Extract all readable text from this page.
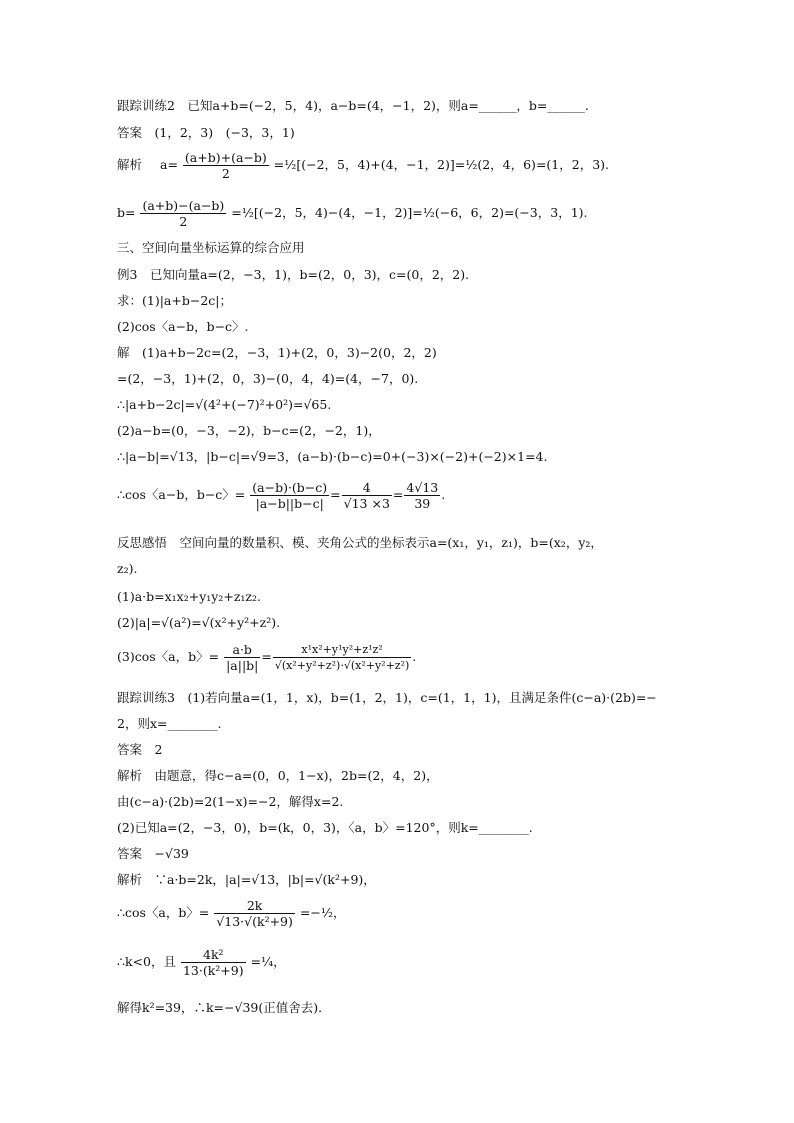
跟踪训练2　已知a+b=(−2，5，4)，a−b=(4，−1，2)，则a=______，b=______.
答案　(1，2，3)　(−3，3，1)
解析 $a= \frac{(a+b)+(a-b)}{2}$ =½[(−2，5，4)+(4，−1，2)]=½(2，4，6)=(1，2，3).
$b= \frac{(a+b)-(a-b)}{2}$ =½[(−2，5，4)−(4，−1，2)]=½(−6，6，2)=(−3，3，1).
三、空间向量坐标运算的综合应用
例3　已知向量a=(2，−3，1)，b=(2，0，3)，c=(0，2，2).
求：(1)|a+b−2c|；
(2)cos〈a−b，b−c〉.
解　(1)a+b−2c=(2，−3，1)+(2，0，3)−2(0，2，2)
=(2，−3，1)+(2，0，3)−(0，4，4)=(4，−7，0).
∴|a+b−2c|=√(4²+(−7)²+0²)=√65.
(2)a−b=(0，−3，−2)，b−c=(2，−2，1)，
∴|a−b|=√13，|b−c|=√9=3，(a−b)·(b−c)=0+(−3)×(−2)+(−2)×1=4.
∴cos〈a−b，b−c〉= $\frac{(a-b)\cdot(b-c)}{|a-b||b-c|} = \frac{4}{√13 \times 3} = \frac{4√13}{39}$ .
反思感悟　空间向量的数量积、模、夹角公式的坐标表示a=(x₁，y₁，z₁)，b=(x₂，y₂，
z₂).
(1)a·b=x₁x₂+y₁y₂+z₁z₂.
(2)|a|=√(a²)=√(x²+y²+z²).
(3)cos〈a，b〉= $\frac{a\cdot b}{|a||b|} = \frac{\text{x¹x²+y¹y²+z¹z²}}{\text{√(x²+y²+z²)·√(x²+y²+z²)}}$ .
跟踪训练3　(1)若向量a=(1，1，x)，b=(1，2，1)，c=(1，1，1)，且满足条件(c−a)·(2b)=−
2，则x=________.
答案　2
解析　由题意，得c−a=(0，0，1−x)，2b=(2，4，2)，
由(c−a)·(2b)=2(1−x)=−2，解得x=2.
(2)已知a=(2，−3，0)，b=(k，0，3)，〈a，b〉=120°，则k=________.
答案　−√39
解析　∵a·b=2k，|a|=√13，|b|=√(k²+9)，
∴cos〈a，b〉= $\frac{2k}{\text{√13·√(k²+9)}}$ =−½，
∴k<0，且 $\frac{\text{4k²}}{\text{13·(k²+9)}}$ =¼，
解得k²=39，∴k=−√39(正值舍去).
